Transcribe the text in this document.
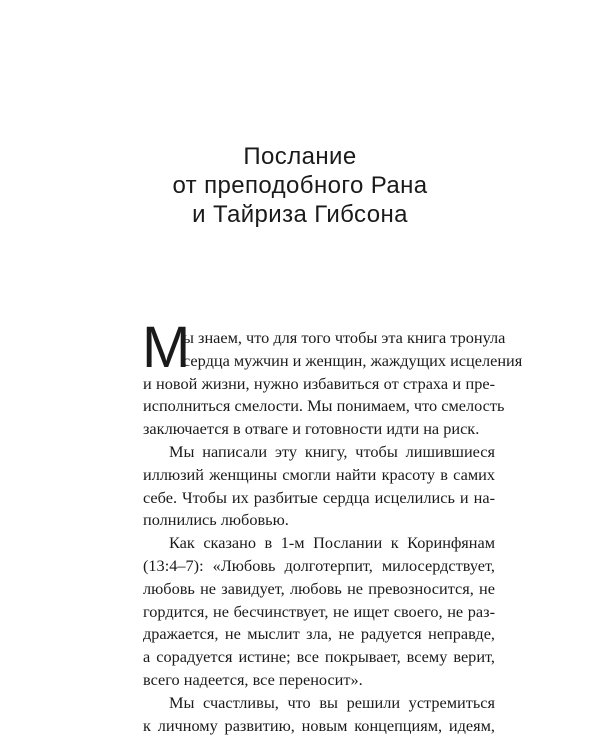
Послание
от преподобного Рана
и Тайриза Гибсона
М
ы знаем, что для того чтобы эта книга тронула
сердца мужчин и женщин, жаждущих исцеления
и новой жизни, нужно избавиться от страха и пре-
исполниться смелости. Мы понимаем, что смелость
заключается в отваге и готовности идти на риск.
Мы написали эту книгу, чтобы лишившиеся
иллюзий женщины смогли найти красоту в самих
себе. Чтобы их разбитые сердца исцелились и на-
полнились любовью.
Как сказано в 1-м Послании к Коринфянам
(13:4–7): «Любовь долготерпит, милосердствует,
любовь не завидует, любовь не превозносится, не
гордится, не бесчинствует, не ищет своего, не раз-
дражается, не мыслит зла, не радуется неправде,
а сорадуется истине; все покрывает, всему верит,
всего надеется, все переносит».
Мы счастливы, что вы решили устремиться
к личному развитию, новым концепциям, идеям,
